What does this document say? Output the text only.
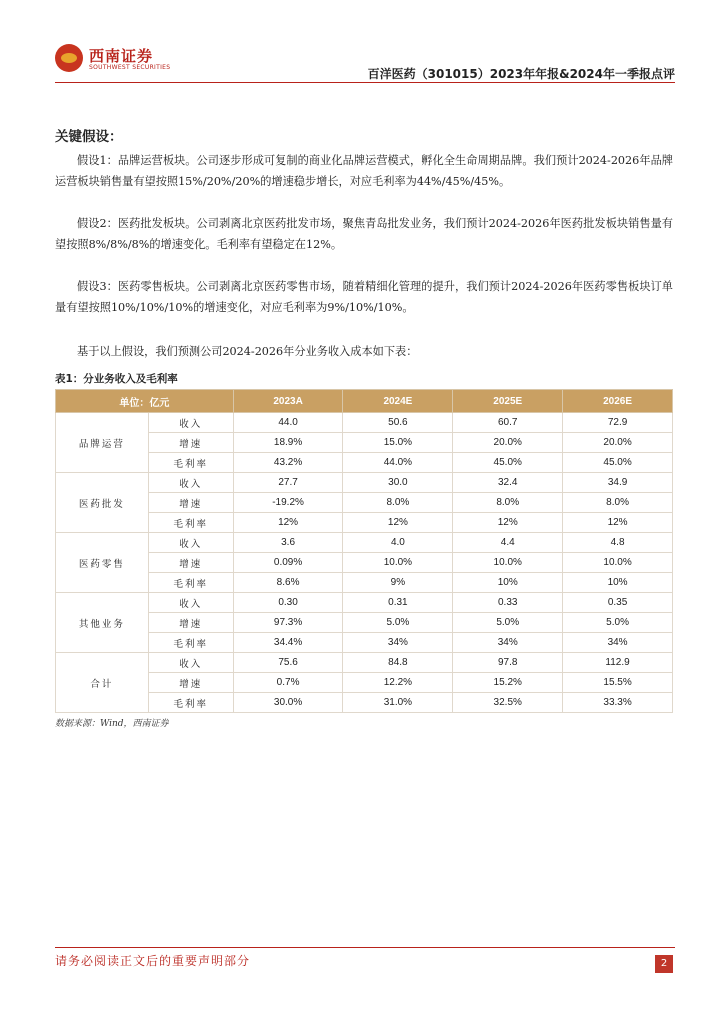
西南证券
SOUTHWEST SECURITIES	百洋医药（301015）2023年年报&2024年一季报点评
关键假设：
假设1：品牌运营板块。公司逐步形成可复制的商业化品牌运营模式，孵化全生命周期品牌。我们预计2024-2026年品牌运营板块销售量有望按照15%/20%/20%的增速稳步增长，对应毛利率为44%/45%/45%。
假设2：医药批发板块。公司剥离北京医药批发市场，聚焦青岛批发业务，我们预计2024-2026年医药批发板块销售量有望按照8%/8%/8%的增速变化。毛利率有望稳定在12%。
假设3：医药零售板块。公司剥离北京医药零售市场，随着精细化管理的提升，我们预计2024-2026年医药零售板块订单量有望按照10%/10%/10%的增速变化，对应毛利率为9%/10%/10%。
基于以上假设，我们预测公司2024-2026年分业务收入成本如下表：
表1：分业务收入及毛利率
单位：亿元		2023A	2024E	2025E	2026E
品牌运营	收入	44.0	50.6	60.7	72.9
	增速	18.9%	15.0%	20.0%	20.0%
	毛利率	43.2%	44.0%	45.0%	45.0%
医药批发	收入	27.7	30.0	32.4	34.9
	增速	-19.2%	8.0%	8.0%	8.0%
	毛利率	12%	12%	12%	12%
医药零售	收入	3.6	4.0	4.4	4.8
	增速	0.09%	10.0%	10.0%	10.0%
	毛利率	8.6%	9%	10%	10%
其他业务	收入	0.30	0.31	0.33	0.35
	增速	97.3%	5.0%	5.0%	5.0%
	毛利率	34.4%	34%	34%	34%
合计	收入	75.6	84.8	97.8	112.9
	增速	0.7%	12.2%	15.2%	15.5%
	毛利率	30.0%	31.0%	32.5%	33.3%
数据来源：Wind，西南证券
请务必阅读正文后的重要声明部分	2
